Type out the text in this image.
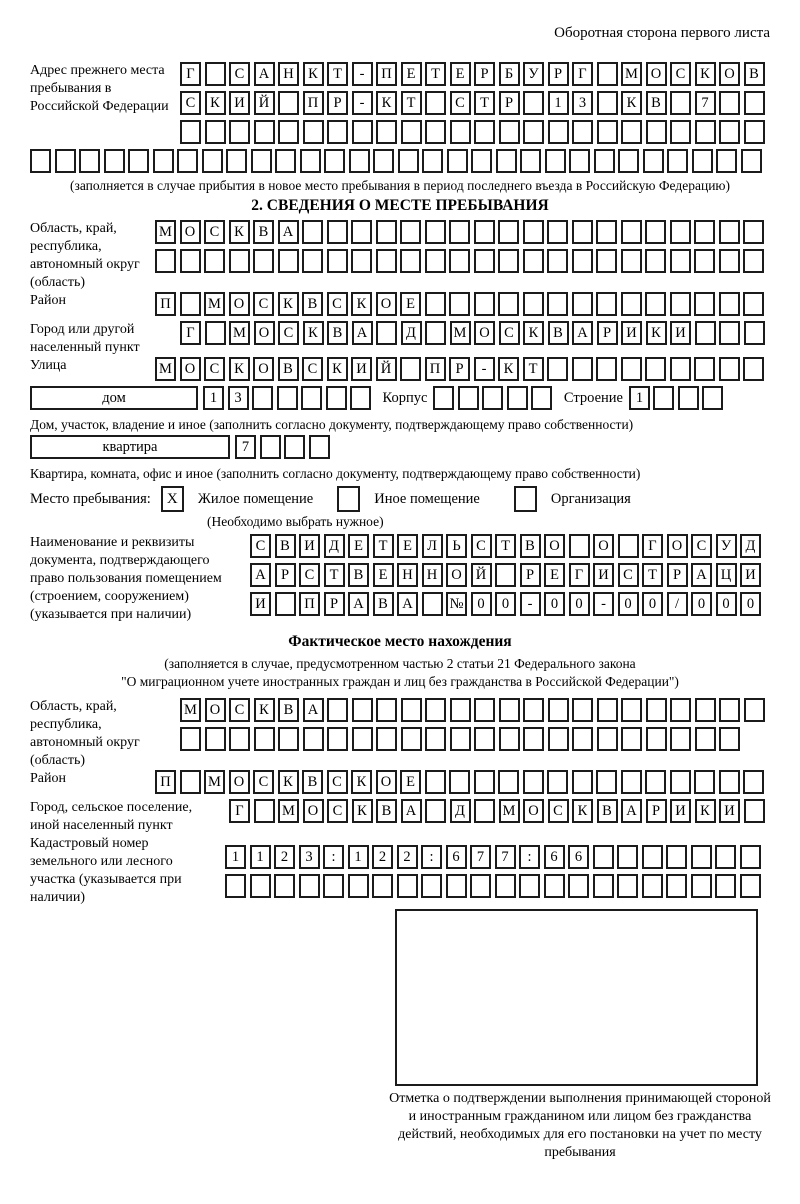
Оборотная сторона первого листа
Адрес прежнего места пребывания в Российской Федерации
Г	С А Н К	Т	-	П	Е	Т	Е	Р	Б	У	Р	Г	М О С	К О В
С	К И Й	П	Р	-	К	Т	С	Т	Р	1	3	К	В	7
(заполняется в случае прибытия в новое место пребывания в период последнего въезда в Российскую Федерацию)
2. СВЕДЕНИЯ О МЕСТЕ ПРЕБЫВАНИЯ
Область, край, республика, автономный округ (область)
М О С	К	В А
Район	П	М О С	К	В	С	К О	Е
Город или другой населенный пункт
Г	М О С	К	В А	Д	М О С	К	В А	Р	И К И
Улица	М О С	К О В	С	К И Й	П	Р	-	К	Т
дом	1	3	Корпус	Строение 1
Дом, участок, владение и иное (заполнить согласно документу, подтверждающему право собственности)
квартира	7
Квартира, комната, офис и иное (заполнить согласно документу, подтверждающему право собственности)
Место пребывания:	X	Жилое помещение	Иное помещение	Организация
(Необходимо выбрать нужное)
Наименование и реквизиты документа, подтверждающего право пользования помещением (строением, сооружением) (указывается при наличии)
С	В И Д	Е	Т	Е	Л	Ь	С	Т	В О	О	Г	О С	У Д
А	Р	С	Т	В	Е	Н Н О Й	Р	Е	Г	И С	Т	Р	А Ц И
И	П	Р	А В А	№ 0	0	-	0	0	-	0	0	/	0	0	0
Фактическое место нахождения
(заполняется в случае, предусмотренном частью 2 статьи 21 Федерального закона
"О миграционном учете иностранных граждан и лиц без гражданства в Российской Федерации")
Область, край, республика, автономный округ (область)
М О С	К	В А
Район	П	М О С	К	В	С	К О	Е
Город, сельское поселение, иной населенный пункт
Г	М О С	К	В А	Д	М О С	К	В А	Р	И К И
Кадастровый номер земельного или лесного участка (указывается при наличии)
1	1	2	3	:	1	2	2	:	6	7	7	:	6	6
Отметка о подтверждении выполнения принимающей стороной и иностранным гражданином или лицом без гражданства действий, необходимых для его постановки на учет по месту пребывания
